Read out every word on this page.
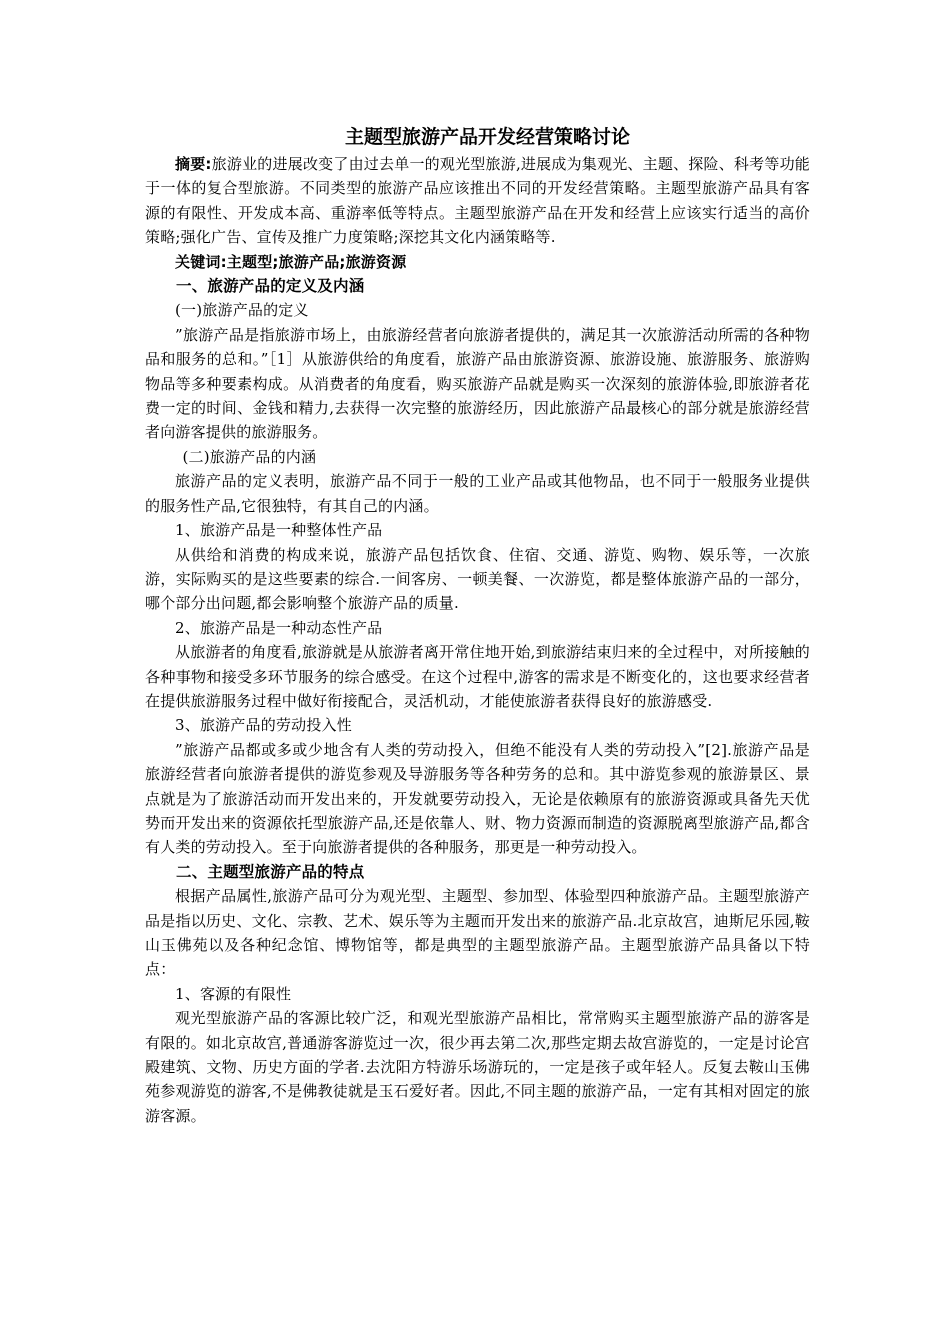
主题型旅游产品开发经营策略讨论

摘要:旅游业的进展改变了由过去单一的观光型旅游,进展成为集观光、主题、探险、科考等功能于一体的复合型旅游。不同类型的旅游产品应该推出不同的开发经营策略。主题型旅游产品具有客源的有限性、开发成本高、重游率低等特点。主题型旅游产品在开发和经营上应该实行适当的高价策略;强化广告、宣传及推广力度策略;深挖其文化内涵策略等.

关键词:主题型;旅游产品;旅游资源

一、旅游产品的定义及内涵

(一)旅游产品的定义

”旅游产品是指旅游市场上，由旅游经营者向旅游者提供的，满足其一次旅游活动所需的各种物品和服务的总和。”［1］从旅游供给的角度看，旅游产品由旅游资源、旅游设施、旅游服务、旅游购物品等多种要素构成。从消费者的角度看，购买旅游产品就是购买一次深刻的旅游体验,即旅游者花费一定的时间、金钱和精力,去获得一次完整的旅游经历，因此旅游产品最核心的部分就是旅游经营者向游客提供的旅游服务。

(二)旅游产品的内涵

旅游产品的定义表明，旅游产品不同于一般的工业产品或其他物品，也不同于一般服务业提供的服务性产品,它很独特，有其自己的内涵。

1、旅游产品是一种整体性产品

从供给和消费的构成来说，旅游产品包括饮食、住宿、交通、游览、购物、娱乐等，一次旅游，实际购买的是这些要素的综合.一间客房、一顿美餐、一次游览，都是整体旅游产品的一部分，哪个部分出问题,都会影响整个旅游产品的质量.

2、旅游产品是一种动态性产品

从旅游者的角度看,旅游就是从旅游者离开常住地开始,到旅游结束归来的全过程中，对所接触的各种事物和接受多环节服务的综合感受。在这个过程中,游客的需求是不断变化的，这也要求经营者在提供旅游服务过程中做好衔接配合，灵活机动，才能使旅游者获得良好的旅游感受.

3、旅游产品的劳动投入性

”旅游产品都或多或少地含有人类的劳动投入，但绝不能没有人类的劳动投入”[2].旅游产品是旅游经营者向旅游者提供的游览参观及导游服务等各种劳务的总和。其中游览参观的旅游景区、景点就是为了旅游活动而开发出来的，开发就要劳动投入，无论是依赖原有的旅游资源或具备先天优势而开发出来的资源依托型旅游产品,还是依靠人、财、物力资源而制造的资源脱离型旅游产品,都含有人类的劳动投入。至于向旅游者提供的各种服务，那更是一种劳动投入。

二、主题型旅游产品的特点

根据产品属性,旅游产品可分为观光型、主题型、参加型、体验型四种旅游产品。主题型旅游产品是指以历史、文化、宗教、艺术、娱乐等为主题而开发出来的旅游产品.北京故宫，迪斯尼乐园,鞍山玉佛苑以及各种纪念馆、博物馆等，都是典型的主题型旅游产品。主题型旅游产品具备以下特点：

1、客源的有限性

观光型旅游产品的客源比较广泛，和观光型旅游产品相比，常常购买主题型旅游产品的游客是有限的。如北京故宫,普通游客游览过一次，很少再去第二次,那些定期去故宫游览的，一定是讨论宫殿建筑、文物、历史方面的学者.去沈阳方特游乐场游玩的，一定是孩子或年轻人。反复去鞍山玉佛苑参观游览的游客,不是佛教徒就是玉石爱好者。因此,不同主题的旅游产品，一定有其相对固定的旅游客源。
